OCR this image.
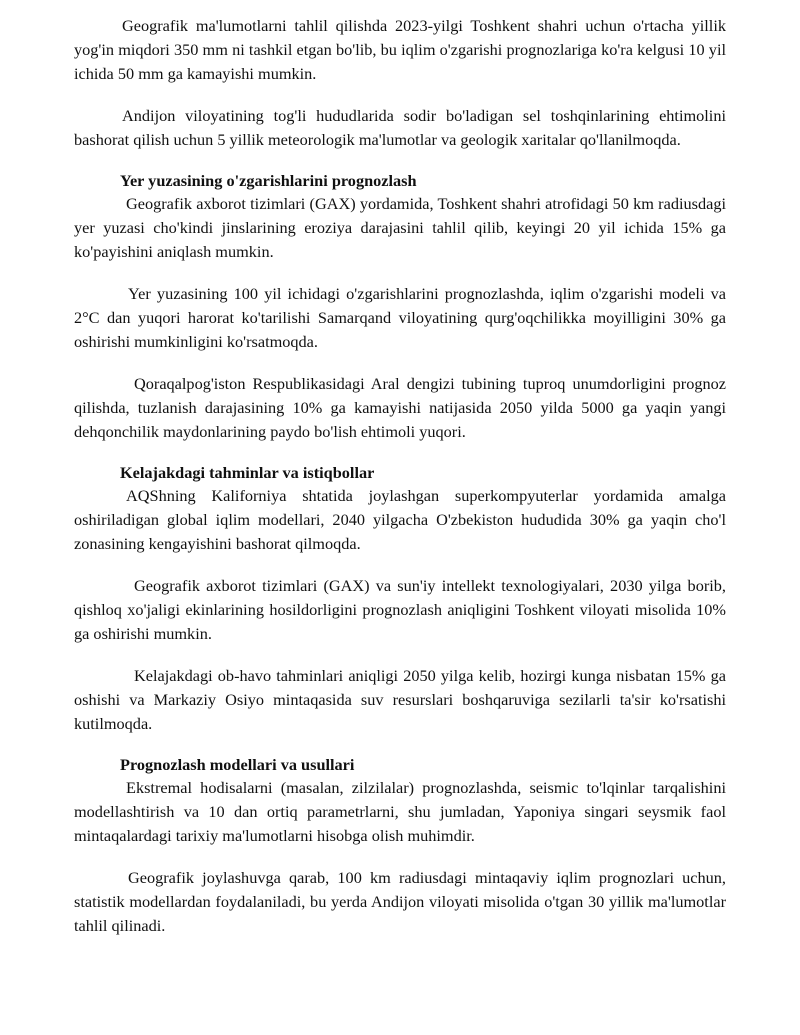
Geografik ma'lumotlarni tahlil qilishda 2023-yilgi Toshkent shahri uchun o'rtacha yillik yog'in miqdori 350 mm ni tashkil etgan bo'lib, bu iqlim o'zgarishi prognozlariga ko'ra kelgusi 10 yil ichida 50 mm ga kamayishi mumkin.

Andijon viloyatining tog'li hududlarida sodir bo'ladigan sel toshqinlarining ehtimolini bashorat qilish uchun 5 yillik meteorologik ma'lumotlar va geologik xaritalar qo'llanilmoqda.

Yer yuzasining o'zgarishlarini prognozlash

Geografik axborot tizimlari (GAX) yordamida, Toshkent shahri atrofidagi 50 km radiusdagi yer yuzasi cho'kindi jinslarining eroziya darajasini tahlil qilib, keyingi 20 yil ichida 15% ga ko'payishini aniqlash mumkin.

Yer yuzasining 100 yil ichidagi o'zgarishlarini prognozlashda, iqlim o'zgarishi modeli va 2°C dan yuqori harorat ko'tarilishi Samarqand viloyatining qurg'oqchilikka moyilligini 30% ga oshirishi mumkinligini ko'rsatmoqda.

Qoraqalpog'iston Respublikasidagi Aral dengizi tubining tuproq unumdorligini prognoz qilishda, tuzlanish darajasining 10% ga kamayishi natijasida 2050 yilda 5000 ga yaqin yangi dehqonchilik maydonlarining paydo bo'lish ehtimoli yuqori.

Kelajakdagi tahminlar va istiqbollar

AQShning Kaliforniya shtatida joylashgan superkompyuterlar yordamida amalga oshiriladigan global iqlim modellari, 2040 yilgacha O'zbekiston hududida 30% ga yaqin cho'l zonasining kengayishini bashorat qilmoqda.

Geografik axborot tizimlari (GAX) va sun'iy intellekt texnologiyalari, 2030 yilga borib, qishloq xo'jaligi ekinlarining hosildorligini prognozlash aniqligini Toshkent viloyati misolida 10% ga oshirishi mumkin.

Kelajakdagi ob-havo tahminlari aniqligi 2050 yilga kelib, hozirgi kunga nisbatan 15% ga oshishi va Markaziy Osiyo mintaqasida suv resurslari boshqaruviga sezilarli ta'sir ko'rsatishi kutilmoqda.

Prognozlash modellari va usullari

Ekstremal hodisalarni (masalan, zilzilalar) prognozlashda, seismic to'lqinlar tarqalishini modellashtirish va 10 dan ortiq parametrlarni, shu jumladan, Yaponiya singari seysmik faol mintaqalardagi tarixiy ma'lumotlarni hisobga olish muhimdir.

Geografik joylashuvga qarab, 100 km radiusdagi mintaqaviy iqlim prognozlari uchun, statistik modellardan foydalaniladi, bu yerda Andijon viloyati misolida o'tgan 30 yillik ma'lumotlar tahlil qilinadi.
